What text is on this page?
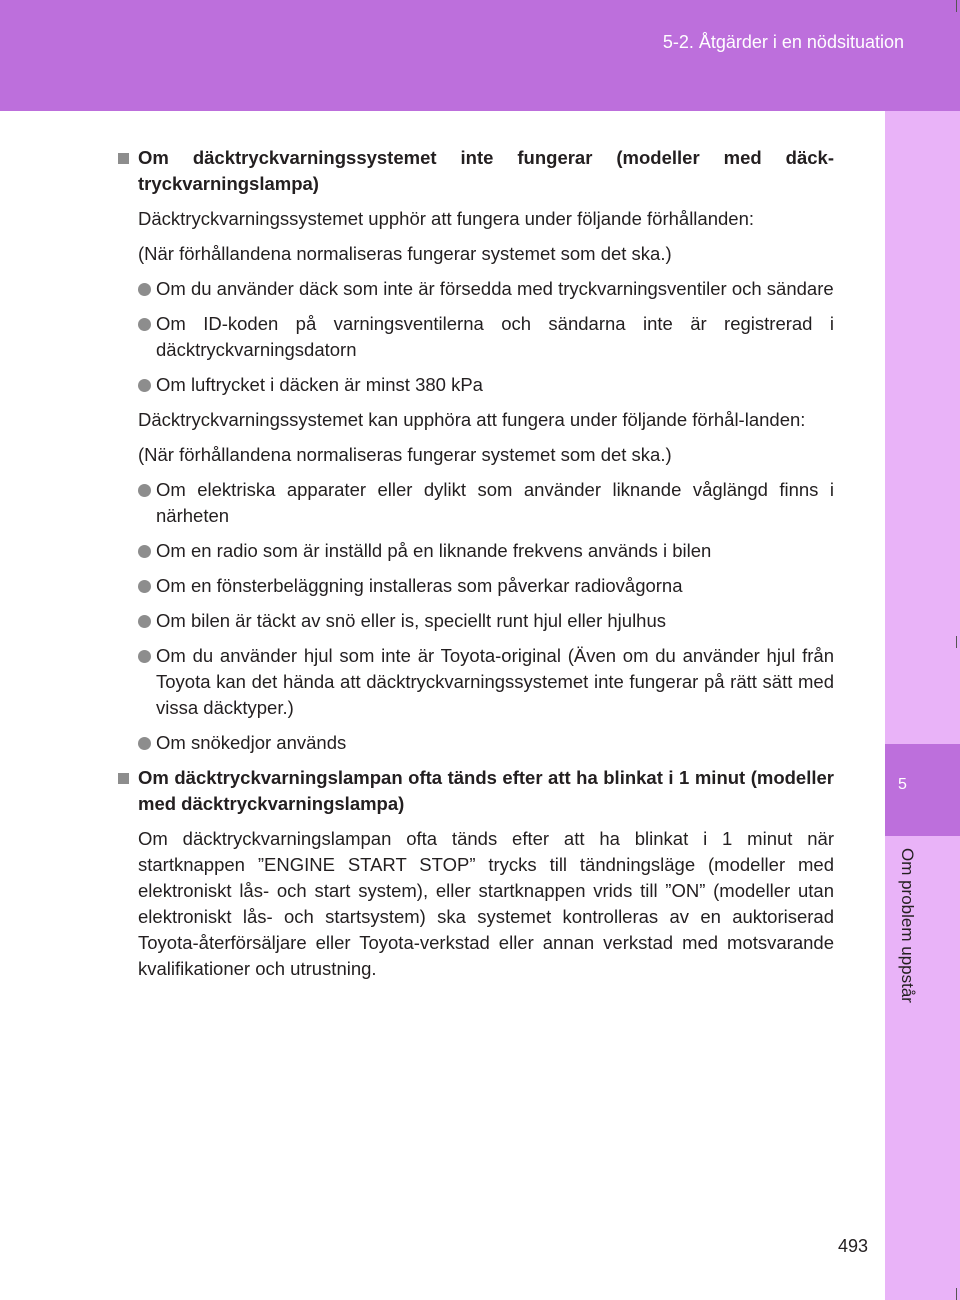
5-2. Åtgärder i en nödsituation
5
Om problem uppstår
Om däcktryckvarningssystemet inte fungerar (modeller med däck-tryckvarningslampa)
Däcktryckvarningssystemet upphör att fungera under följande förhållanden:
(När förhållandena normaliseras fungerar systemet som det ska.)
Om du använder däck som inte är försedda med tryckvarningsventiler och sändare
Om ID-koden på varningsventilerna och sändarna inte är registrerad i däcktryckvarningsdatorn
Om luftrycket i däcken är minst 380 kPa
Däcktryckvarningssystemet kan upphöra att fungera under följande förhål-landen:
(När förhållandena normaliseras fungerar systemet som det ska.)
Om elektriska apparater eller dylikt som använder liknande våglängd finns i närheten
Om en radio som är inställd på en liknande frekvens används i bilen
Om en fönsterbeläggning installeras som påverkar radiovågorna
Om bilen är täckt av snö eller is, speciellt runt hjul eller hjulhus
Om du använder hjul som inte är Toyota-original (Även om du använder hjul från Toyota kan det hända att däcktryckvarningssystemet inte fungerar på rätt sätt med vissa däcktyper.)
Om snökedjor används
Om däcktryckvarningslampan ofta tänds efter att ha blinkat i 1 minut (modeller med däcktryckvarningslampa)
Om däcktryckvarningslampan ofta tänds efter att ha blinkat i 1 minut när startknappen ”ENGINE START STOP” trycks till tändningsläge (modeller med elektroniskt lås- och start system), eller startknappen vrids till ”ON” (modeller utan elektroniskt lås- och startsystem) ska systemet kontrolleras av en auktoriserad Toyota-återförsäljare eller Toyota-verkstad eller annan verkstad med motsvarande kvalifikationer och utrustning.
493
carmanualsonline.info
